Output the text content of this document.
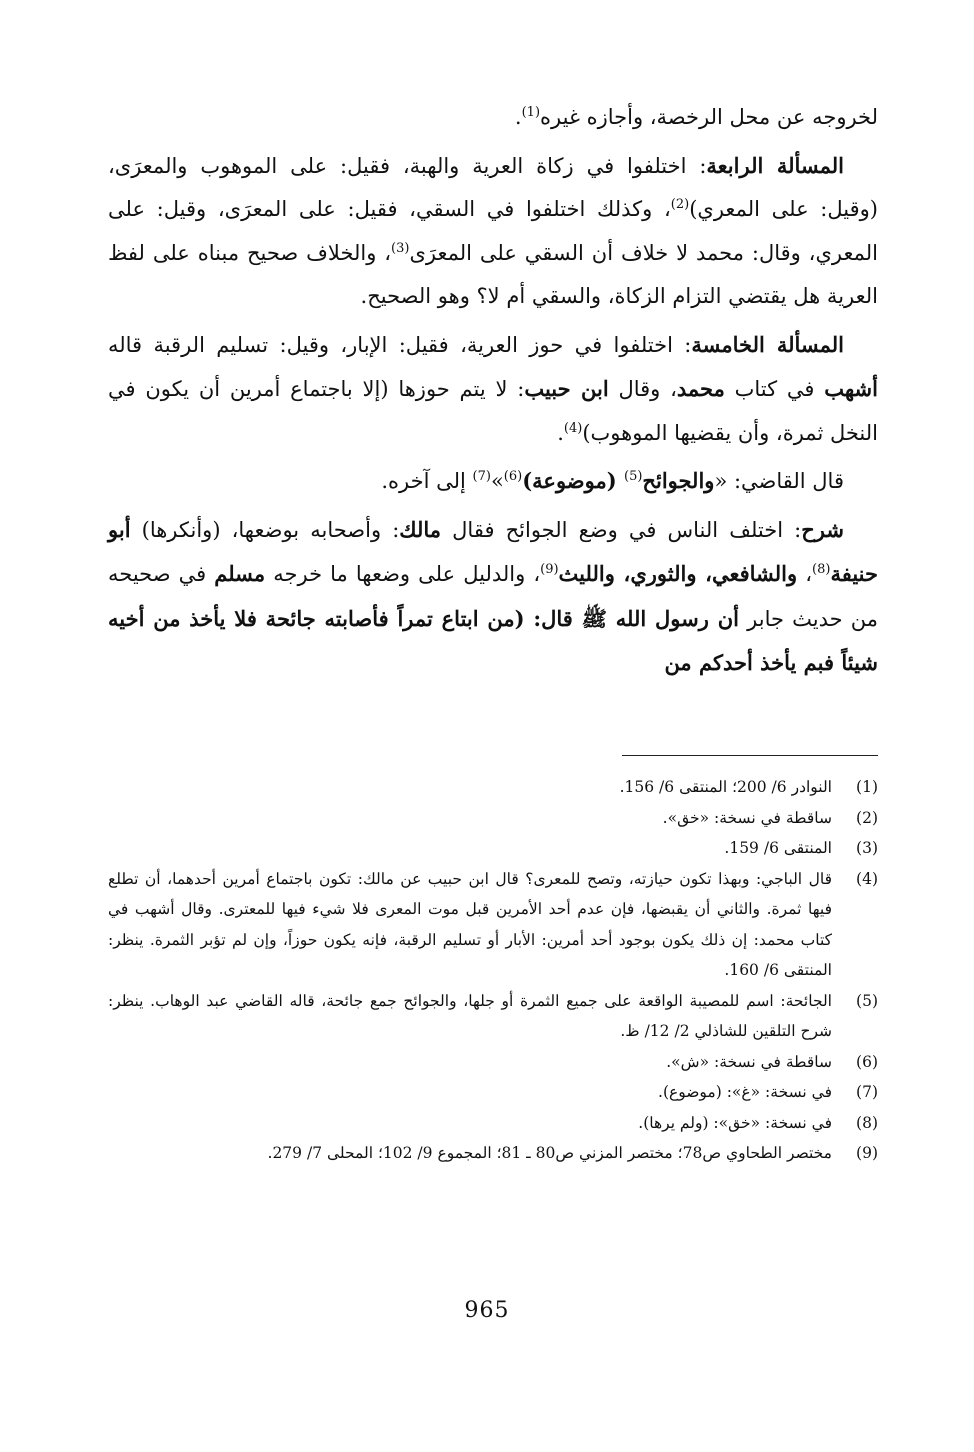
لخروجه عن محل الرخصة، وأجازه غيره$^{(1)}$.

المسألة الرابعة: اختلفوا في زكاة العرية والهبة، فقيل: على الموهوب والمعرَى، (وقيل: على المعري)$^{(2)}$، وكذلك اختلفوا في السقي، فقيل: على المعرَى، وقيل: على المعري، وقال: محمد لا خلاف أن السقي على المعرَى$^{(3)}$، والخلاف صحيح مبناه على لفظ العرية هل يقتضي التزام الزكاة، والسقي أم لا؟ وهو الصحيح.

المسألة الخامسة: اختلفوا في حوز العرية، فقيل: الإبار، وقيل: تسليم الرقبة قاله أشهب في كتاب محمد، وقال ابن حبيب: لا يتم حوزها (إلا باجتماع أمرين أن يكون في النخل ثمرة، وأن يقضيها الموهوب)$^{(4)}$.

قال القاضي: «والجوائح$^{(5)}$ (موضوعة)$^{(6)}$»$^{(7)}$ إلى آخره.

شرح: اختلف الناس في وضع الجوائح فقال مالك: وأصحابه بوضعها، (وأنكرها) أبو حنيفة$^{(8)}$، والشافعي، والثوري، والليث$^{(9)}$، والدليل على وضعها ما خرجه مسلم في صحيحه من حديث جابر أن رسول الله ﷺ قال: (من ابتاع تمراً فأصابته جائحة فلا يأخذ من أخيه شيئاً فبم يأخذ أحدكم من

(1)
النوادر 6/ 200؛ المنتقى 6/ 156.
(2)
ساقطة في نسخة: «خق».
(3)
المنتقى 6/ 159.
(4)
قال الباجي: وبهذا تكون حيازته، وتصح للمعرى؟ قال ابن حبيب عن مالك: تكون باجتماع أمرين أحدهما، أن تطلع فيها ثمرة. والثاني أن يقبضها، فإن عدم أحد الأمرين قبل موت المعرى فلا شيء فيها للمعترى. وقال أشهب في كتاب محمد: إن ذلك يكون بوجود أحد أمرين: الأبار أو تسليم الرقبة، فإنه يكون حوزاً، وإن لم تؤبر الثمرة. ينظر: المنتقى 6/ 160.
(5)
الجائحة: اسم للمصيبة الواقعة على جميع الثمرة أو جلها، والجوائح جمع جائحة، قاله القاضي عبد الوهاب. ينظر: شرح التلقين للشاذلي 2/ 12/ ظ.
(6)
ساقطة في نسخة: «ش».
(7)
في نسخة: «غ»: (موضوع).
(8)
في نسخة: «خق»: (ولم يرها).
(9)
مختصر الطحاوي ص78؛ مختصر المزني ص80 ـ 81؛ المجموع 9/ 102؛ المحلى 7/ 279.
965
